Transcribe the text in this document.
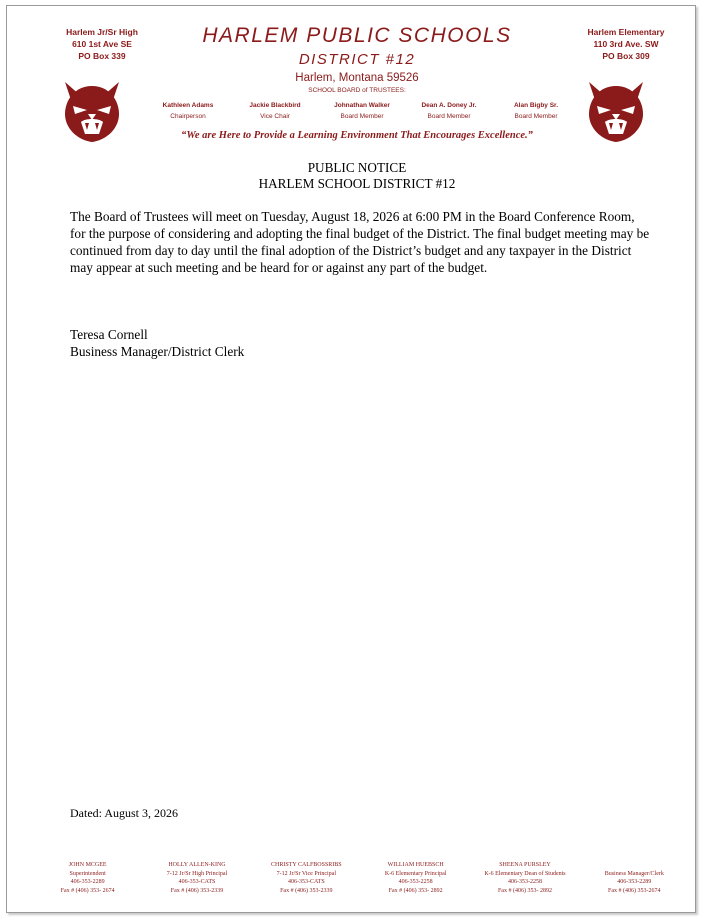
Harlem Jr/Sr High
610 1st Ave SE
PO Box 339
Harlem Elementary
110 3rd Ave. SW
PO Box 309
HARLEM PUBLIC SCHOOLS
DISTRICT #12
Harlem, Montana 59526
SCHOOL BOARD of TRUSTEES:
Kathleen Adams
Chairperson
Jackie Blackbird
Vice Chair
Johnathan Walker
Board Member
Dean A. Doney Jr.
Board Member
Alan Bigby Sr.
Board Member
“We are Here to Provide a Learning Environment That Encourages Excellence.”
PUBLIC NOTICE
HARLEM SCHOOL DISTRICT #12

The Board of Trustees will meet on Tuesday, August 18, 2026 at 6:00 PM in the Board Conference Room, for the purpose of considering and adopting the final budget of the District. The final budget meeting may be continued from day to day until the final adoption of the District’s budget and any taxpayer in the District may appear at such meeting and be heard for or against any part of the budget.

Teresa Cornell
Business Manager/District Clerk
Dated: August 3, 2026
JOHN MCGEE
Superintendent
406-353-2289
Fax # (406) 353- 2674
HOLLY ALLEN-KING
7-12 Jr/Sr High Principal
406-353-CATS
Fax # (406) 353-2339
CHRISTY CALFBOSSRIBS
7-12 Jr/Sr Vice Principal
406-353-CATS
Fax # (406) 353-2339
WILLIAM HUEBSCH
K-6 Elementary Principal
406-353-2258
Fax # (406) 353- 2892
SHEENA PURSLEY
K-6 Elementary Dean of Students
406-353-2258
Fax # (406) 353- 2892
Business Manager/Clerk
406-353-2289
Fax # (406) 353-2674
